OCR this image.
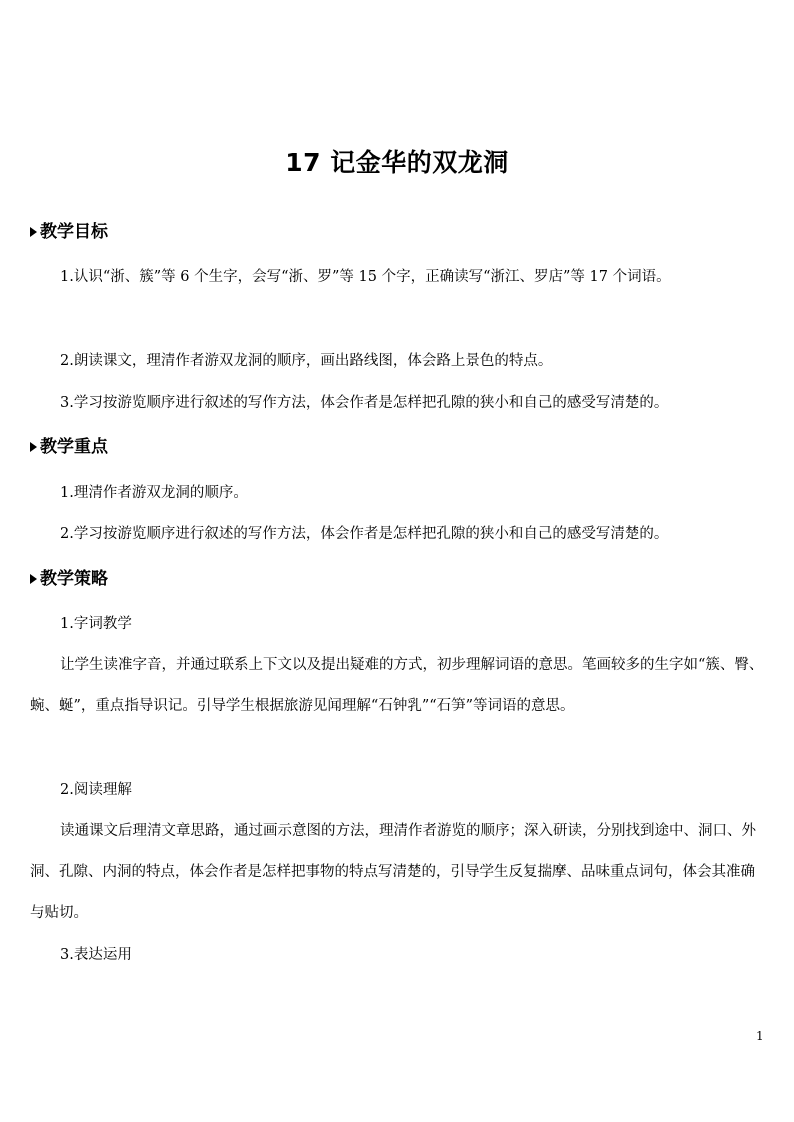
17 记金华的双龙洞
教学目标

1.认识“浙、簇”等 6 个生字，会写“浙、罗”等 15 个字，正确读写“浙江、罗店”等 17 个词语。

2.朗读课文，理清作者游双龙洞的顺序，画出路线图，体会路上景色的特点。

3.学习按游览顺序进行叙述的写作方法，体会作者是怎样把孔隙的狭小和自己的感受写清楚的。

教学重点

1.理清作者游双龙洞的顺序。

2.学习按游览顺序进行叙述的写作方法，体会作者是怎样把孔隙的狭小和自己的感受写清楚的。

教学策略

1.字词教学

让学生读准字音，并通过联系上下文以及提出疑难的方式，初步理解词语的意思。笔画较多的生字如“簇、臀、蜿、蜒”，重点指导识记。引导学生根据旅游见闻理解“石钟乳”“石笋”等词语的意思。

2.阅读理解

读通课文后理清文章思路，通过画示意图的方法，理清作者游览的顺序；深入研读，分别找到途中、洞口、外洞、孔隙、内洞的特点，体会作者是怎样把事物的特点写清楚的，引导学生反复揣摩、品味重点词句，体会其准确与贴切。

3.表达运用

1
